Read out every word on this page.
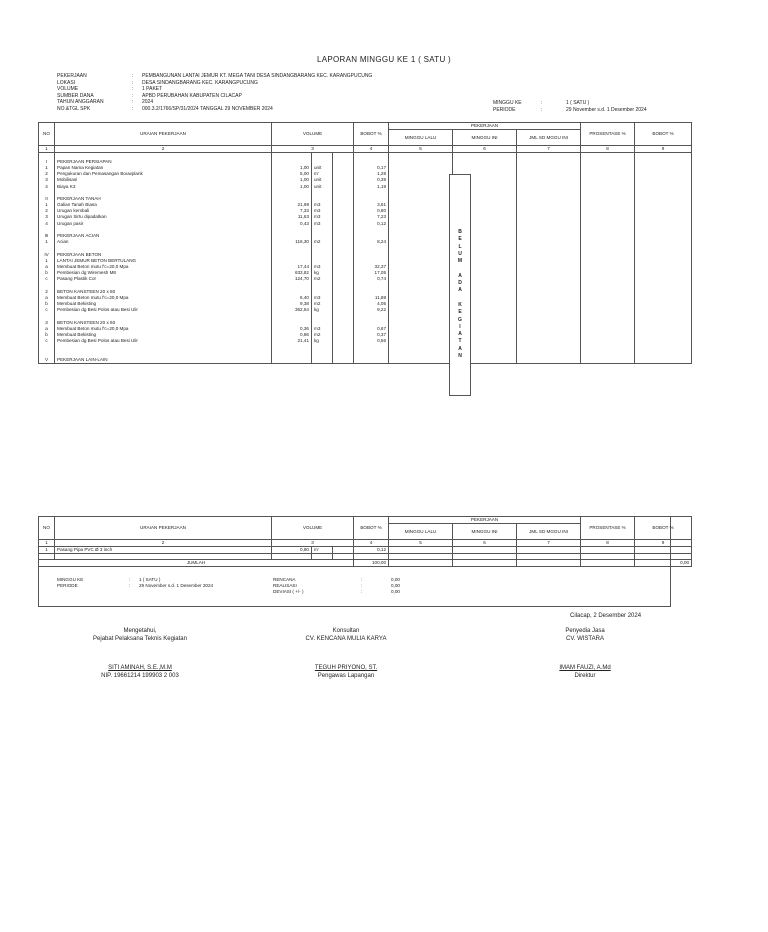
LAPORAN MINGGU KE 1 ( SATU )
PEKERJAAN	:	PEMBANGUNAN LANTAI JEMUR KT. MEGA TANI DESA SINDANGBARANG KEC. KARANGPUCUNG
LOKASI	:	DESA SINDANGBARANG KEC. KARANGPUCUNG
VOLUME	:	1 PAKET
SUMBER DANA	:	APBD PERUBAHAN KABUPATEN CILACAP
TAHUN ANGGARAN	:	2024
NO.&TGL SPK	:	000.3.2/1766/SP/31/2024 TANGGAL 29 NOVEMBER 2024
MINGGU KE	:	1 ( SATU )
PERIODE	:	29 November s.d. 1 Desember 2024
NO	URAIAN PEKERJAAN	VOLUME			BOBOT %	PEKERJAAN			PROSENTASE %	BOBOT %
						MINGGU LALU	MINGGU INI	JML SD MGGU INI		
1	2	3			4	5	6	7	8	9

I	PEKERJAAN PERSIAPAN									
1	Papan Nama Kegiatan	1,00	unit		0,17					
2	Pengukuran dan Pemasangan Bouwplank	5,00	m'		1,28					
3	Mobilisasi	1,00	unit		0,39					
4	Biaya K3	1,00	unit		1,19					

II	PEKERJAAN TANAH									
1	Galian Tanah Biasa	21,98	m3		3,61					
2	Urugan kembali	7,33	m3		0,80					
3	Urugan Sirtu dipadatkan	11,63	m3		7,23					
4	Urugan pasir	0,43	m3		0,12					

III	PEKERJAAN ACIAN									
1	Acian	116,30	m2		8,24					

IV	PEKERJAAN BETON									
1	LANTAI JEMUR BETON BERTULANG									
a	Membuat Beton mutu f'c=20,0 Mpa	17,44	m3		32,37					
b	Pembesian dg Wiremesh M8	633,82	kg		17,05					
c	Pasang Plastik Cor	124,70	m2		0,74					

2	BETON KANSTEEN 20 x 80									
a	Membuat Beton mutu f'c=20,0 Mpa	6,40	m3		11,88					
b	Membuat Bekisting	9,38	m2		4,05					
c	Pembesian dg Besi Polos atau Besi Ulir	352,54	kg		9,22					

3	BETON KANSTEEN 20 x 60									
a	Membuat Beton mutu f'c=20,0 Mpa	0,36	m3		0,67					
b	Membuat Bekisting	0,86	m2		0,37					
c	Pembesian dg Besi Polos atau Besi Ulir	21,41	kg		0,56					

V	PEKERJAAN LAIN-LAIN									
B
E
L
U
M
A
D
A
K
E
G
I
A
T
A
N
NO	URAIAN PEKERJAAN	VOLUME			BOBOT %	PEKERJAAN			PROSENTASE %	BOBOT %
						MINGGU LALU	MINGGU INI	JML SD MGGU INI		
1	2	3			4	5	6	7	8	9
1	Pasang Pipa PVC Ø 3 inch	0,80	m'		0,12					

JUMLAH					100,00					0,00
MINGGU KE	:	1 ( SATU )
PERIODE	:	29 November s.d. 1 Desember 2024
RENCANA	:	0,00
REALISASI	:	0,00
DEVIASI ( +/- )	:	0,00
Cilacap, 2 Desember 2024
Mengetahui,
Pejabat Pelaksana Teknis Kegiatan
SITI AMINAH, S.E.,M.M
NIP. 19661214 199903 2 003
Konsultan
CV. KENCANA MULIA KARYA
TEGUH PRIYONO, ST.
Pengawas Lapangan
Penyedia Jasa
CV. WISTARA
IMAM FAUZI, A.Md
Direktur
